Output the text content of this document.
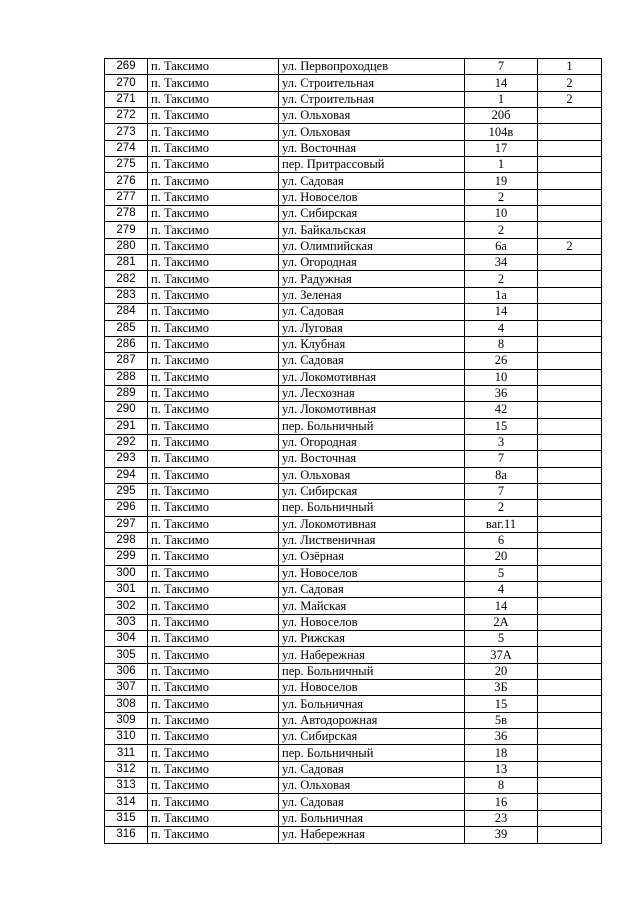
269	п. Таксимо	ул. Первопроходцев	7	1
270	п. Таксимо	ул. Строительная	14	2
271	п. Таксимо	ул. Строительная	1	2
272	п. Таксимо	ул. Ольховая	20б	
273	п. Таксимо	ул. Ольховая	104в	
274	п. Таксимо	ул. Восточная	17	
275	п. Таксимо	пер. Притрассовый	1	
276	п. Таксимо	ул. Садовая	19	
277	п. Таксимо	ул. Новоселов	2	
278	п. Таксимо	ул. Сибирская	10	
279	п. Таксимо	ул. Байкальская	2	
280	п. Таксимо	ул. Олимпийская	6а	2
281	п. Таксимо	ул. Огородная	34	
282	п. Таксимо	ул. Радужная	2	
283	п. Таксимо	ул. Зеленая	1а	
284	п. Таксимо	ул. Садовая	14	
285	п. Таксимо	ул. Луговая	4	
286	п. Таксимо	ул. Клубная	8	
287	п. Таксимо	ул. Садовая	26	
288	п. Таксимо	ул. Локомотивная	10	
289	п. Таксимо	ул. Лесхозная	36	
290	п. Таксимо	ул. Локомотивная	42	
291	п. Таксимо	пер. Больничный	15	
292	п. Таксимо	ул. Огородная	3	
293	п. Таксимо	ул. Восточная	7	
294	п. Таксимо	ул. Ольховая	8а	
295	п. Таксимо	ул. Сибирская	7	
296	п. Таксимо	пер. Больничный	2	
297	п. Таксимо	ул. Локомотивная	ваг.11	
298	п. Таксимо	ул. Лиственичная	6	
299	п. Таксимо	ул. Озёрная	20	
300	п. Таксимо	ул. Новоселов	5	
301	п. Таксимо	ул. Садовая	4	
302	п. Таксимо	ул. Майская	14	
303	п. Таксимо	ул. Новоселов	2А	
304	п. Таксимо	ул. Рижская	5	
305	п. Таксимо	ул. Набережная	37А	
306	п. Таксимо	пер. Больничный	20	
307	п. Таксимо	ул. Новоселов	3Б	
308	п. Таксимо	ул. Больничная	15	
309	п. Таксимо	ул. Автодорожная	5в	
310	п. Таксимо	ул. Сибирская	36	
311	п. Таксимо	пер. Больничный	18	
312	п. Таксимо	ул. Садовая	13	
313	п. Таксимо	ул. Ольховая	8	
314	п. Таксимо	ул. Садовая	16	
315	п. Таксимо	ул. Больничная	23	
316	п. Таксимо	ул. Набережная	39	
